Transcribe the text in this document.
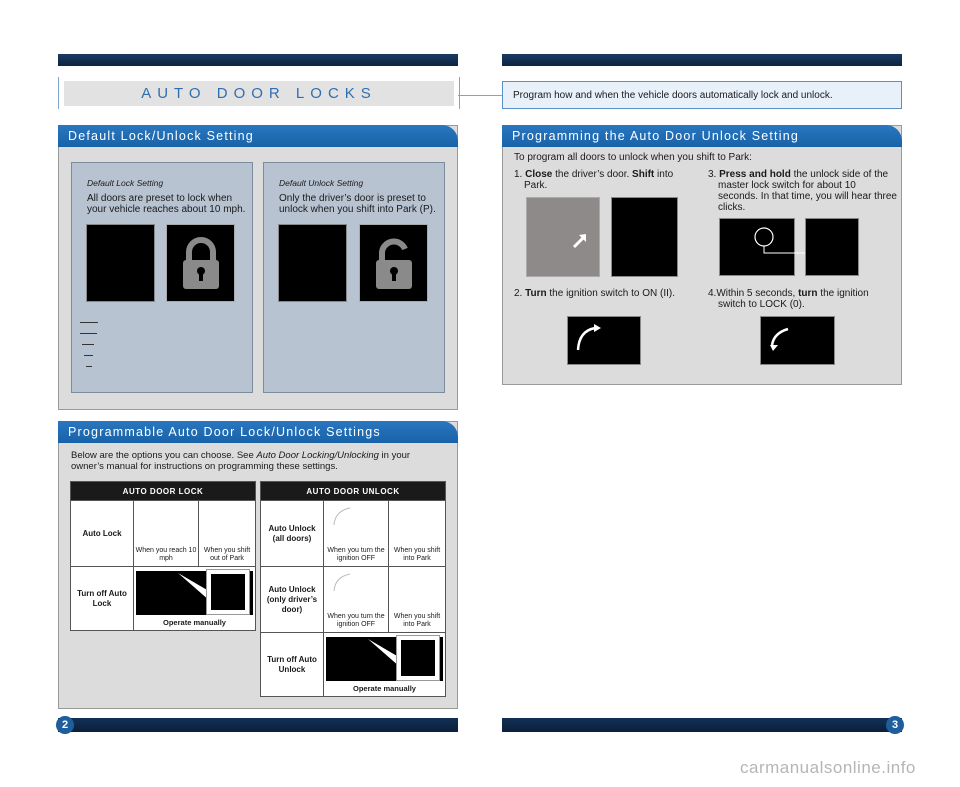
AUTO DOOR LOCKS	Program how and when the vehicle doors automatically lock and unlock.
Default Lock/Unlock Setting
Default Lock Setting
All doors are preset to lock when your vehicle reaches about 10 mph.
Default Unlock Setting
Only the driver’s door is preset to unlock when you shift into Park (P).
Programmable Auto Door Lock/Unlock Settings
Below are the options you can choose. See Auto Door Locking/Unlocking in your owner’s manual for instructions on programming these settings.
AUTO DOOR LOCK		
Auto Lock	When you reach 10 mph	When you shift out of Park
Turn off Auto Lock	Operate manually	
AUTO DOOR UNLOCK		
Auto Unlock (all doors)	When you turn the ignition OFF	When you shift into Park
Auto Unlock (only driver’s door)	When you turn the ignition OFF	When you shift into Park
Turn off Auto Unlock	Operate manually	
Programming the Auto Door Unlock Setting
To program all doors to unlock when you shift to Park:
1. Close the driver’s door. Shift into Park.
3. Press and hold the unlock side of the master lock switch for about 10 seconds. In that time, you will hear three clicks.
2. Turn the ignition switch to ON (II).	4.Within 5 seconds, turn the ignition switch to LOCK (0).
2	3
carmanualsonline.info
